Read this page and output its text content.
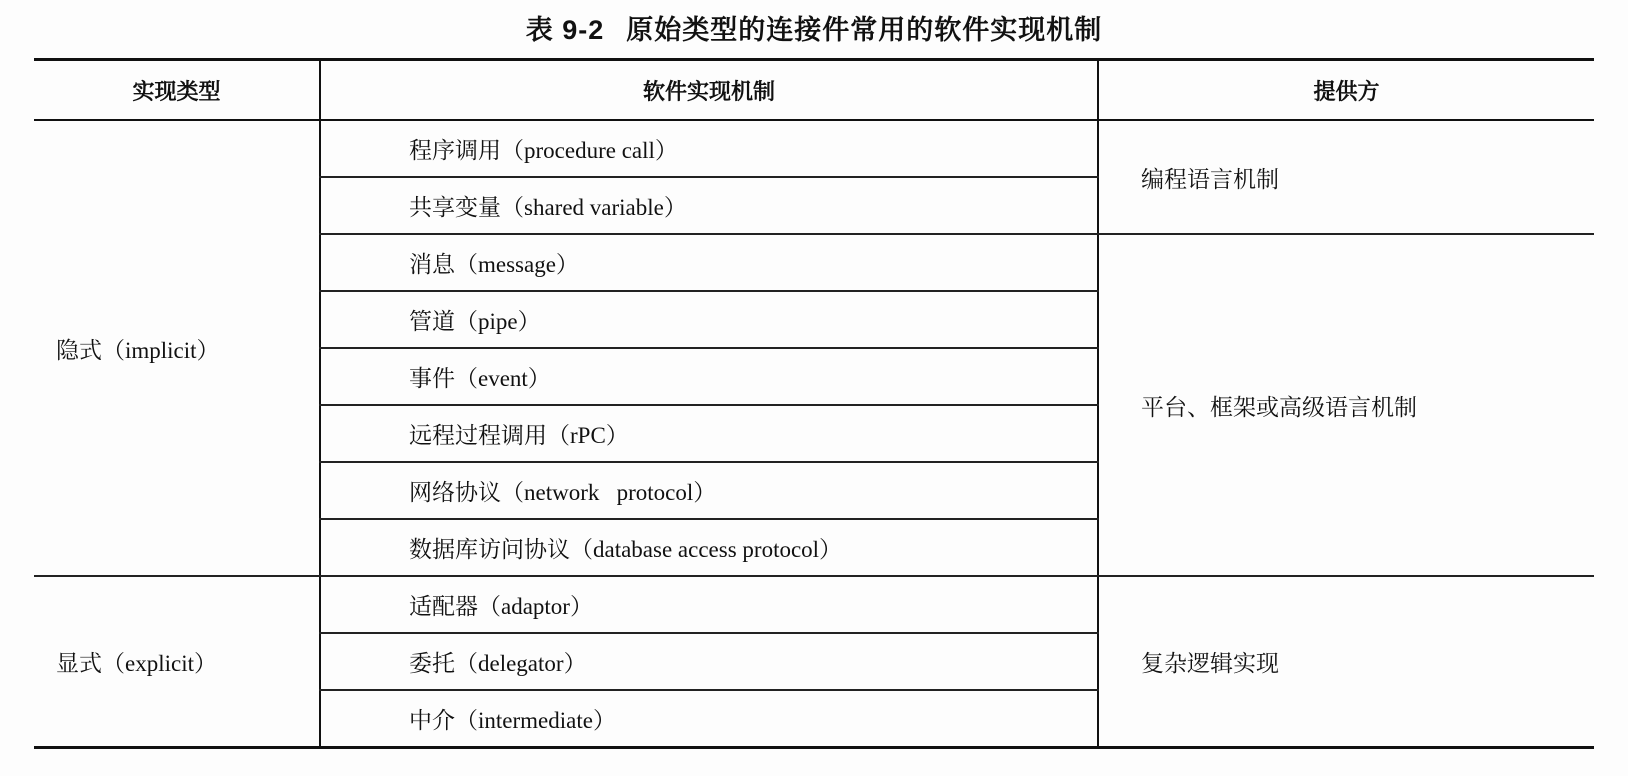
表 9-2 原始类型的连接件常用的软件实现机制
实现类型	软件实现机制	提供方
隐式（implicit）	程序调用（procedure call）	编程语言机制
	共享变量（shared variable）	
	消息（message）	平台、框架或高级语言机制
	管道（pipe）	
	事件（event）	
	远程过程调用（rPC）	
	网络协议（network   protocol）	
	数据库访问协议（database access protocol）	
显式（explicit）	适配器（adaptor）	复杂逻辑实现
	委托（delegator）	
	中介（intermediate）	
